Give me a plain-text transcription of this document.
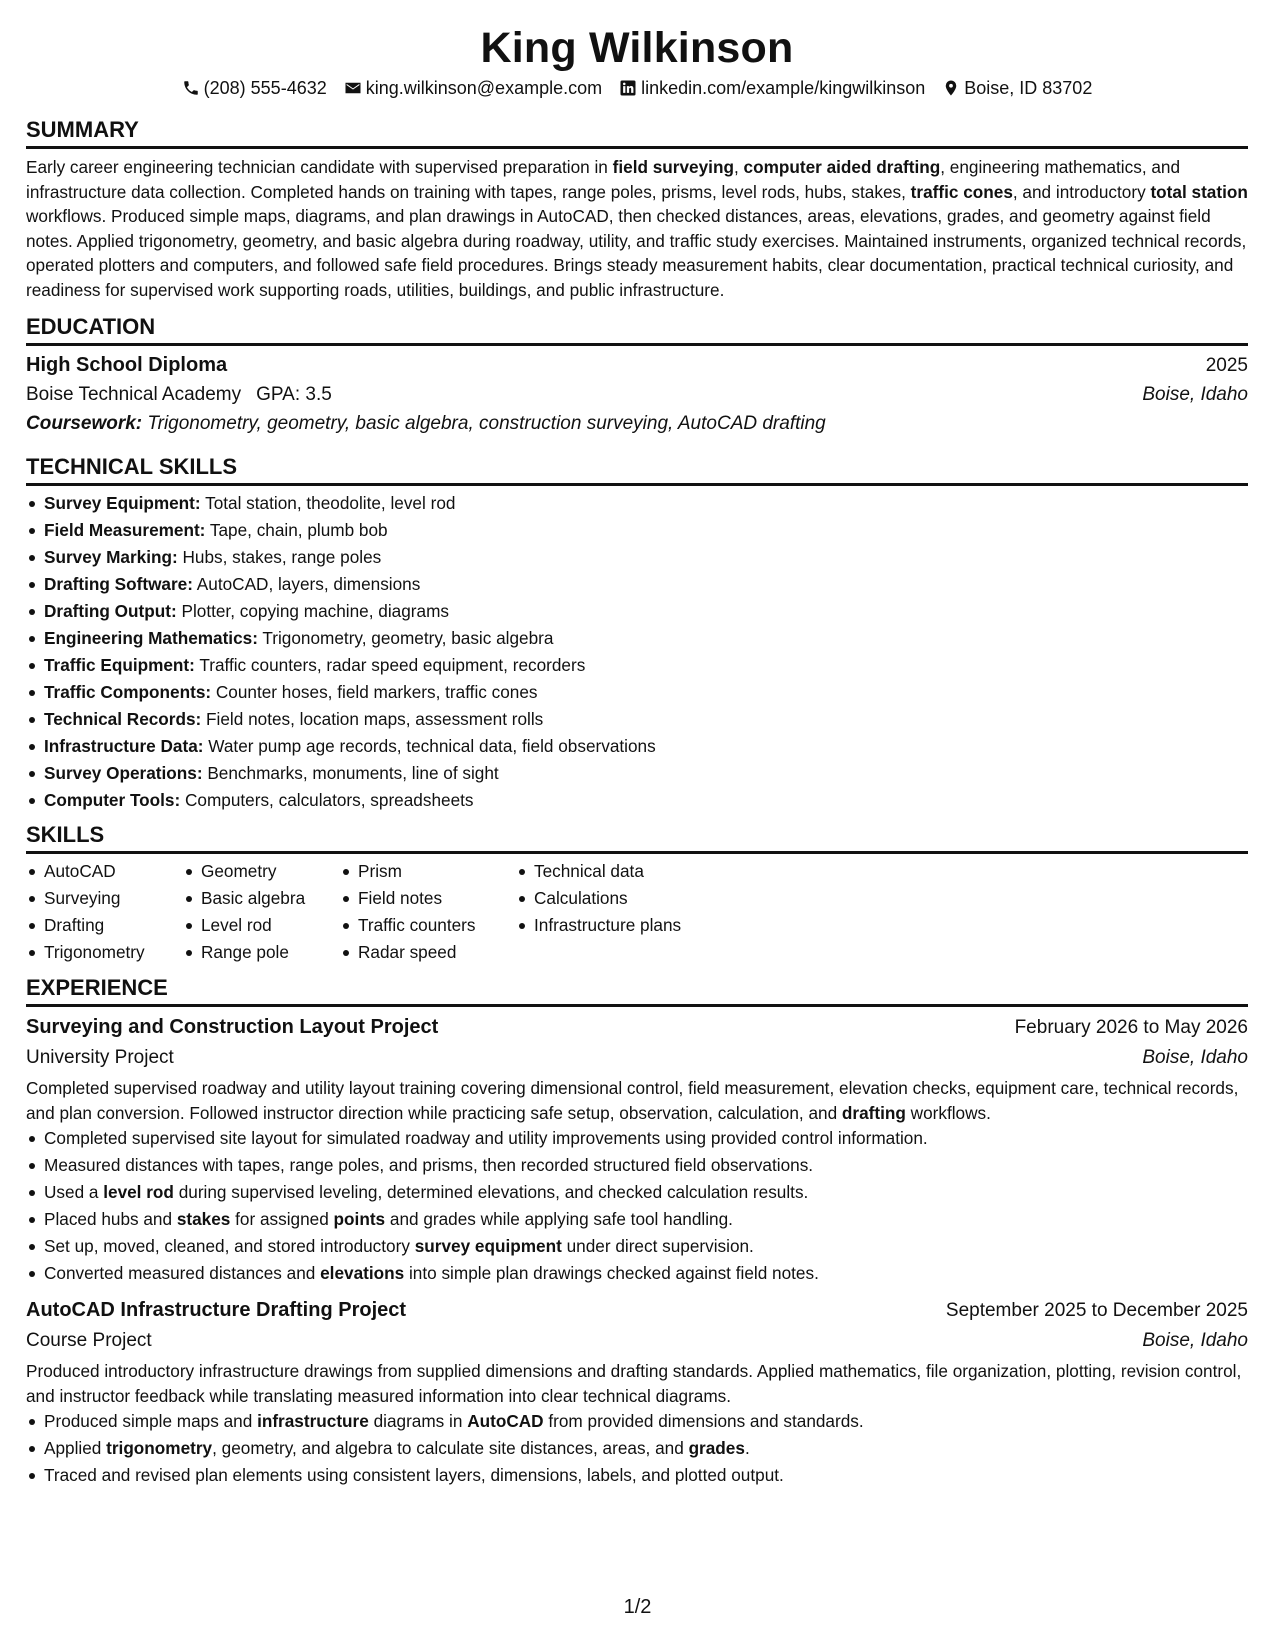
King Wilkinson
(208) 555-4632 king.wilkinson@example.com linkedin.com/example/kingwilkinson Boise, ID 83702
SUMMARY
Early career engineering technician candidate with supervised preparation in field surveying, computer aided drafting, engineering mathematics, and infrastructure data collection. Completed hands on training with tapes, range poles, prisms, level rods, hubs, stakes, traffic cones, and introductory total station workflows. Produced simple maps, diagrams, and plan drawings in AutoCAD, then checked distances, areas, elevations, grades, and geometry against field notes. Applied trigonometry, geometry, and basic algebra during roadway, utility, and traffic study exercises. Maintained instruments, organized technical records, operated plotters and computers, and followed safe field procedures. Brings steady measurement habits, clear documentation, practical technical curiosity, and readiness for supervised work supporting roads, utilities, buildings, and public infrastructure.
EDUCATION
High School Diploma	2025
Boise Technical Academy GPA: 3.5	Boise, Idaho
Coursework: Trigonometry, geometry, basic algebra, construction surveying, AutoCAD drafting
TECHNICAL SKILLS
Survey Equipment: Total station, theodolite, level rod
Field Measurement: Tape, chain, plumb bob
Survey Marking: Hubs, stakes, range poles
Drafting Software: AutoCAD, layers, dimensions
Drafting Output: Plotter, copying machine, diagrams
Engineering Mathematics: Trigonometry, geometry, basic algebra
Traffic Equipment: Traffic counters, radar speed equipment, recorders
Traffic Components: Counter hoses, field markers, traffic cones
Technical Records: Field notes, location maps, assessment rolls
Infrastructure Data: Water pump age records, technical data, field observations
Survey Operations: Benchmarks, monuments, line of sight
Computer Tools: Computers, calculators, spreadsheets
SKILLS
AutoCAD
Surveying
Drafting
Trigonometry
Geometry
Basic algebra
Level rod
Range pole
Prism
Field notes
Traffic counters
Radar speed
Technical data
Calculations
Infrastructure plans
EXPERIENCE
Surveying and Construction Layout Project	February 2026 to May 2026
University Project	Boise, Idaho
Completed supervised roadway and utility layout training covering dimensional control, field measurement, elevation checks, equipment care, technical records, and plan conversion. Followed instructor direction while practicing safe setup, observation, calculation, and drafting workflows.
Completed supervised site layout for simulated roadway and utility improvements using provided control information.
Measured distances with tapes, range poles, and prisms, then recorded structured field observations.
Used a level rod during supervised leveling, determined elevations, and checked calculation results.
Placed hubs and stakes for assigned points and grades while applying safe tool handling.
Set up, moved, cleaned, and stored introductory survey equipment under direct supervision.
Converted measured distances and elevations into simple plan drawings checked against field notes.
AutoCAD Infrastructure Drafting Project	September 2025 to December 2025
Course Project	Boise, Idaho
Produced introductory infrastructure drawings from supplied dimensions and drafting standards. Applied mathematics, file organization, plotting, revision control, and instructor feedback while translating measured information into clear technical diagrams.
Produced simple maps and infrastructure diagrams in AutoCAD from provided dimensions and standards.
Applied trigonometry, geometry, and algebra to calculate site distances, areas, and grades.
Traced and revised plan elements using consistent layers, dimensions, labels, and plotted output.
1/2
